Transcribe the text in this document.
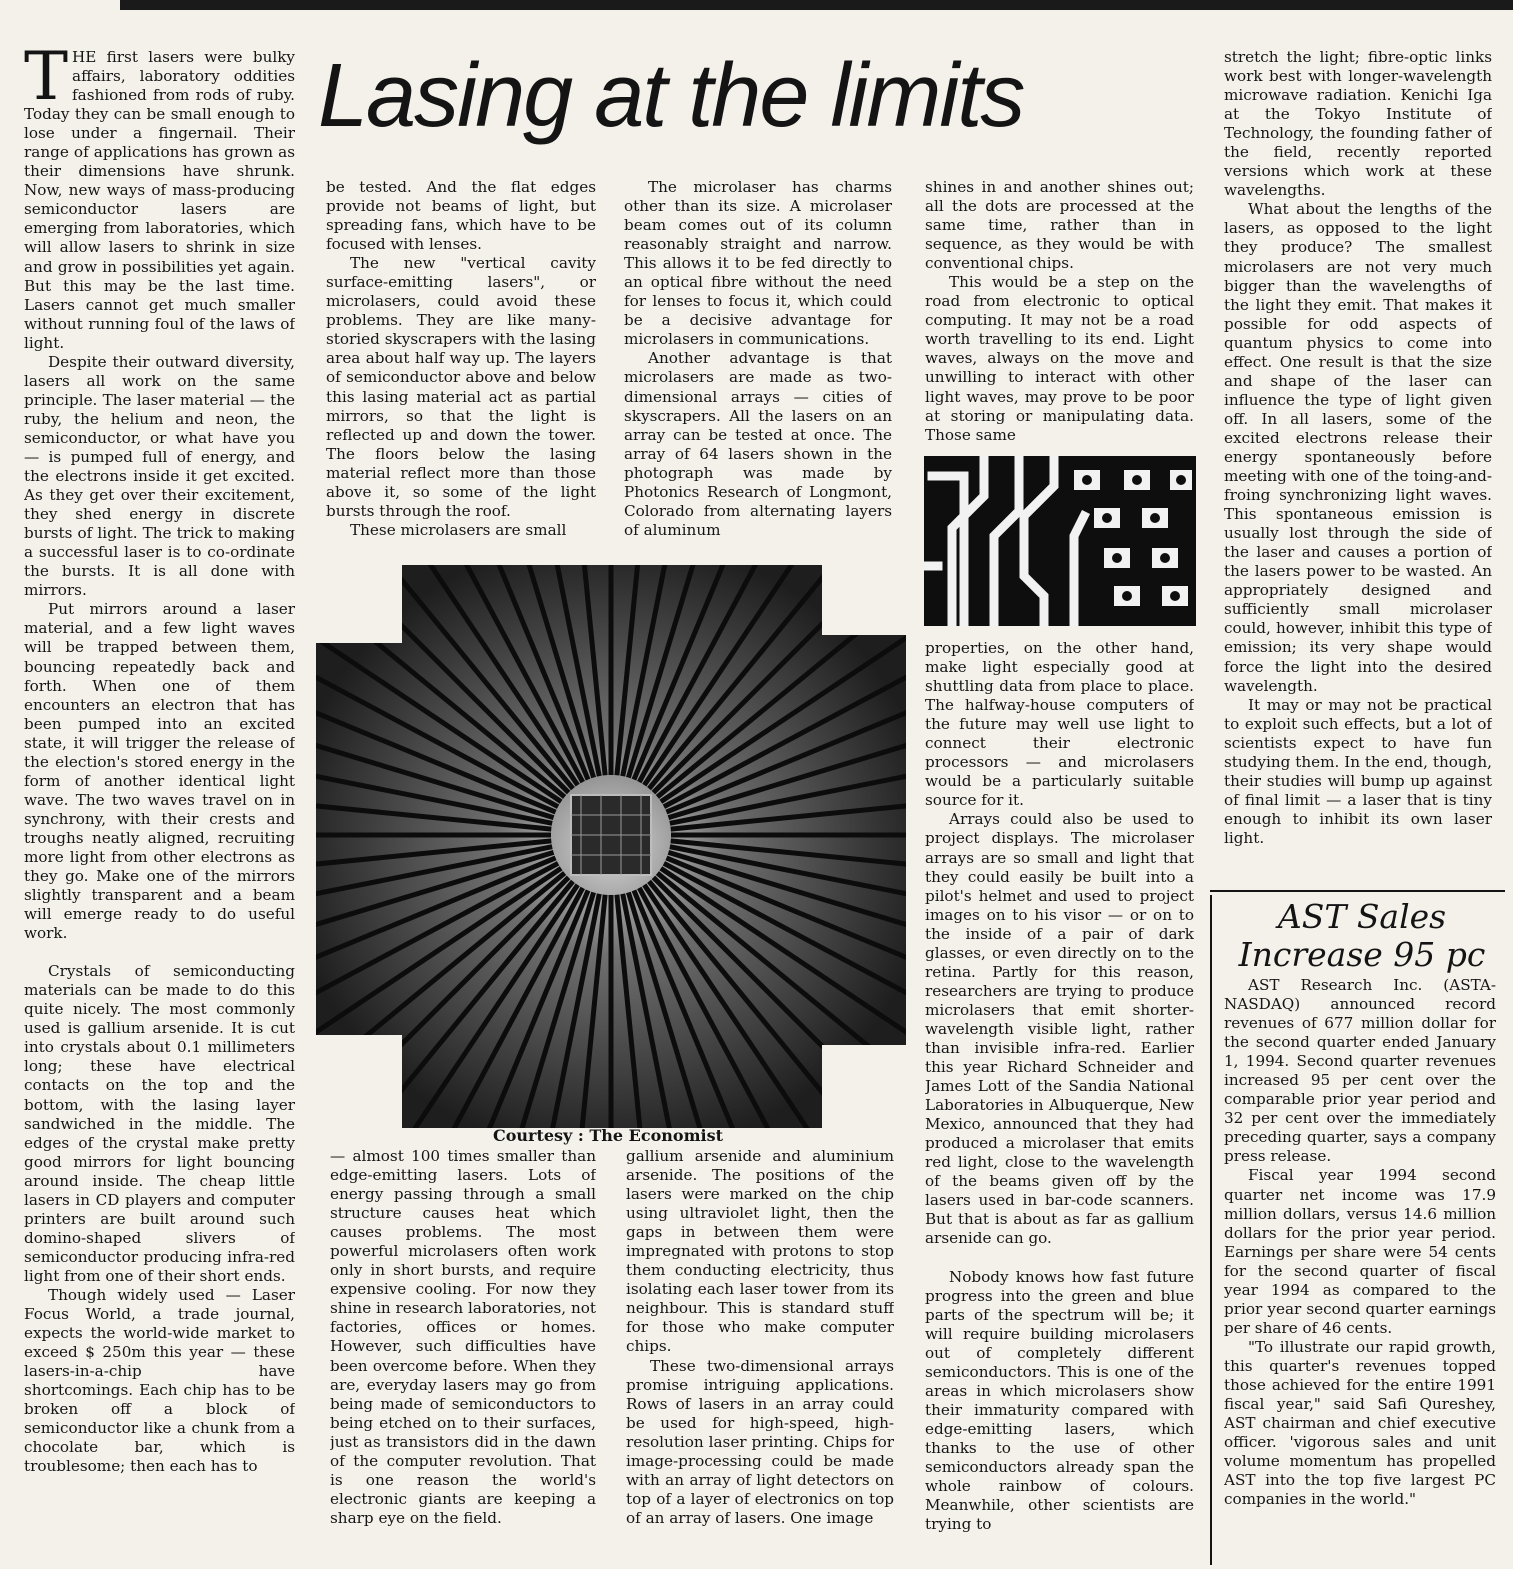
Lasing at the limits
T HE first lasers were bulky affairs, laboratory oddities fashioned from rods of ruby. Today they can be small enough to lose under a fingernail. Their range of applications has grown as their dimensions have shrunk. Now, new ways of mass-producing semiconductor lasers are emerging from laboratories, which will allow lasers to shrink in size and grow in possibilities yet again. But this may be the last time. Lasers cannot get much smaller without running foul of the laws of light.

Despite their outward diversity, lasers all work on the same principle. The laser material — the ruby, the helium and neon, the semiconductor, or what have you — is pumped full of energy, and the electrons inside it get excited. As they get over their excitement, they shed energy in discrete bursts of light. The trick to making a successful laser is to co-ordinate the bursts. It is all done with mirrors.

Put mirrors around a laser material, and a few light waves will be trapped between them, bouncing repeatedly back and forth. When one of them encounters an electron that has been pumped into an excited state, it will trigger the release of the election's stored energy in the form of another identical light wave. The two waves travel on in synchrony, with their crests and troughs neatly aligned, recruiting more light from other electrons as they go. Make one of the mirrors slightly transparent and a beam will emerge ready to do useful work.

Crystals of semiconducting materials can be made to do this quite nicely. The most commonly used is gallium arsenide. It is cut into crystals about 0.1 millimeters long; these have electrical contacts on the top and the bottom, with the lasing layer sandwiched in the middle. The edges of the crystal make pretty good mirrors for light bouncing around inside. The cheap little lasers in CD players and computer printers are built around such domino-shaped slivers of semiconductor producing infra-red light from one of their short ends.

Though widely used — Laser Focus World, a trade journal, expects the world-wide market to exceed $ 250m this year — these lasers-in-a-chip have shortcomings. Each chip has to be broken off a block of semiconductor like a chunk from a chocolate bar, which is troublesome; then each has to

be tested. And the flat edges provide not beams of light, but spreading fans, which have to be focused with lenses.

The new "vertical cavity surface-emitting lasers", or microlasers, could avoid these problems. They are like many-storied skyscrapers with the lasing area about half way up. The layers of semiconductor above and below this lasing material act as partial mirrors, so that the light is reflected up and down the tower. The floors below the lasing material reflect more than those above it, so some of the light bursts through the roof.

These microlasers are small

The microlaser has charms other than its size. A microlaser beam comes out of its column reasonably straight and narrow. This allows it to be fed directly to an optical fibre without the need for lenses to focus it, which could be a decisive advantage for microlasers in communications.

Another advantage is that microlasers are made as two-dimensional arrays — cities of skyscrapers. All the lasers on an array can be tested at once. The array of 64 lasers shown in the photograph was made by Photonics Research of Longmont, Colorado from alternating layers of aluminum

shines in and another shines out; all the dots are processed at the same time, rather than in sequence, as they would be with conventional chips.

This would be a step on the road from electronic to optical computing. It may not be a road worth travelling to its end. Light waves, always on the move and unwilling to interact with other light waves, may prove to be poor at storing or manipulating data. Those same

Courtesy : The Economist

— almost 100 times smaller than edge-emitting lasers. Lots of energy passing through a small structure causes heat which causes problems. The most powerful microlasers often work only in short bursts, and require expensive cooling. For now they shine in research laboratories, not factories, offices or homes. However, such difficulties have been overcome before. When they are, everyday lasers may go from being made of semiconductors to being etched on to their surfaces, just as transistors did in the dawn of the computer revolution. That is one reason the world's electronic giants are keeping a sharp eye on the field.

gallium arsenide and aluminium arsenide. The positions of the lasers were marked on the chip using ultraviolet light, then the gaps in between them were impregnated with protons to stop them conducting electricity, thus isolating each laser tower from its neighbour. This is standard stuff for those who make computer chips.

These two-dimensional arrays promise intriguing applications. Rows of lasers in an array could be used for high-speed, high-resolution laser printing. Chips for image-processing could be made with an array of light detectors on top of a layer of electronics on top of an array of lasers. One image

properties, on the other hand, make light especially good at shuttling data from place to place. The halfway-house computers of the future may well use light to connect their electronic processors — and microlasers would be a particularly suitable source for it.

Arrays could also be used to project displays. The microlaser arrays are so small and light that they could easily be built into a pilot's helmet and used to project images on to his visor — or on to the inside of a pair of dark glasses, or even directly on to the retina. Partly for this reason, researchers are trying to produce microlasers that emit shorter-wavelength visible light, rather than invisible infra-red. Earlier this year Richard Schneider and James Lott of the Sandia National Laboratories in Albuquerque, New Mexico, announced that they had produced a microlaser that emits red light, close to the wavelength of the beams given off by the lasers used in bar-code scanners. But that is about as far as gallium arsenide can go.

Nobody knows how fast future progress into the green and blue parts of the spectrum will be; it will require building microlasers out of completely different semiconductors. This is one of the areas in which microlasers show their immaturity compared with edge-emitting lasers, which thanks to the use of other semiconductors already span the whole rainbow of colours. Meanwhile, other scientists are trying to

stretch the light; fibre-optic links work best with longer-wavelength microwave radiation. Kenichi Iga at the Tokyo Institute of Technology, the founding father of the field, recently reported versions which work at these wavelengths.

What about the lengths of the lasers, as opposed to the light they produce? The smallest microlasers are not very much bigger than the wavelengths of the light they emit. That makes it possible for odd aspects of quantum physics to come into effect. One result is that the size and shape of the laser can influence the type of light given off. In all lasers, some of the excited electrons release their energy spontaneously before meeting with one of the toing-and-froing synchronizing light waves. This spontaneous emission is usually lost through the side of the laser and causes a portion of the lasers power to be wasted. An appropriately designed and sufficiently small microlaser could, however, inhibit this type of emission; its very shape would force the light into the desired wavelength.

It may or may not be practical to exploit such effects, but a lot of scientists expect to have fun studying them. In the end, though, their studies will bump up against of final limit — a laser that is tiny enough to inhibit its own laser light.

AST Sales
Increase 95 pc

AST Research Inc. (ASTA-NASDAQ) announced record revenues of 677 million dollar for the second quarter ended January 1, 1994. Second quarter revenues increased 95 per cent over the comparable prior year period and 32 per cent over the immediately preceding quarter, says a company press release.

Fiscal year 1994 second quarter net income was 17.9 million dollars, versus 14.6 million dollars for the prior year period. Earnings per share were 54 cents for the second quarter of fiscal year 1994 as compared to the prior year second quarter earnings per share of 46 cents.

"To illustrate our rapid growth, this quarter's revenues topped those achieved for the entire 1991 fiscal year," said Safi Qureshey, AST chairman and chief executive officer. 'vigorous sales and unit volume momentum has propelled AST into the top five largest PC companies in the world."
